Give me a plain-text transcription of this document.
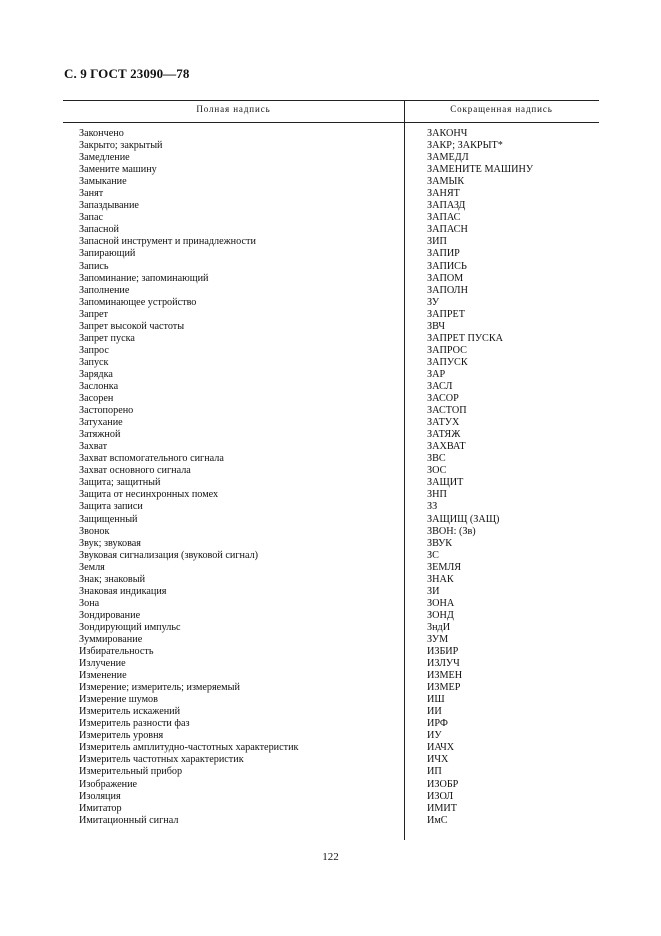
С. 9 ГОСТ 23090—78
Полная надпись	Сокращенная надпись
Закончено	ЗАКОНЧ
Закрыто; закрытый	ЗАКР; ЗАКРЫТ*
Замедление	ЗАМЕДЛ
Замените машину	ЗАМЕНИТЕ МАШИНУ
Замыкание	ЗАМЫК
Занят	ЗАНЯТ
Запаздывание	ЗАПАЗД
Запас	ЗАПАС
Запасной	ЗАПАСН
Запасной инструмент и принадлежности	ЗИП
Запирающий	ЗАПИР
Запись	ЗАПИСЬ
Запоминание; запоминающий	ЗАПОМ
Заполнение	ЗАПОЛН
Запоминающее устройство	ЗУ
Запрет	ЗАПРЕТ
Запрет высокой частоты	ЗВЧ
Запрет пуска	ЗАПРЕТ ПУСКА
Запрос	ЗАПРОС
Запуск	ЗАПУСК
Зарядка	ЗАР
Заслонка	ЗАСЛ
Засорен	ЗАСОР
Застопорено	ЗАСТОП
Затухание	ЗАТУХ
Затяжной	ЗАТЯЖ
Захват	ЗАХВАТ
Захват вспомогательного сигнала	ЗВС
Захват основного сигнала	ЗОС
Защита; защитный	ЗАЩИТ
Защита от несинхронных помех	ЗНП
Защита записи	ЗЗ
Защищенный	ЗАЩИЩ (ЗАЩ)
Звонок	ЗВОН: (Зв)
Звук; звуковая	ЗВУК
Звуковая сигнализация (звуковой сигнал)	ЗС
Земля	ЗЕМЛЯ
Знак; знаковый	ЗНАК
Знаковая индикация	ЗИ
Зона	ЗОНА
Зондирование	ЗОНД
Зондирующий импульс	ЗндИ
Зуммирование	ЗУМ
Избирательность	ИЗБИР
Излучение	ИЗЛУЧ
Изменение	ИЗМЕН
Измерение; измеритель; измеряемый	ИЗМЕР
Измерение шумов	ИШ
Измеритель искажений	ИИ
Измеритель разности фаз	ИРФ
Измеритель уровня	ИУ
Измеритель амплитудно-частотных характеристик	ИАЧХ
Измеритель частотных характеристик	ИЧХ
Измерительный прибор	ИП
Изображение	ИЗОБР
Изоляция	ИЗОЛ
Имитатор	ИМИТ
Имитационный сигнал	ИмС
122
